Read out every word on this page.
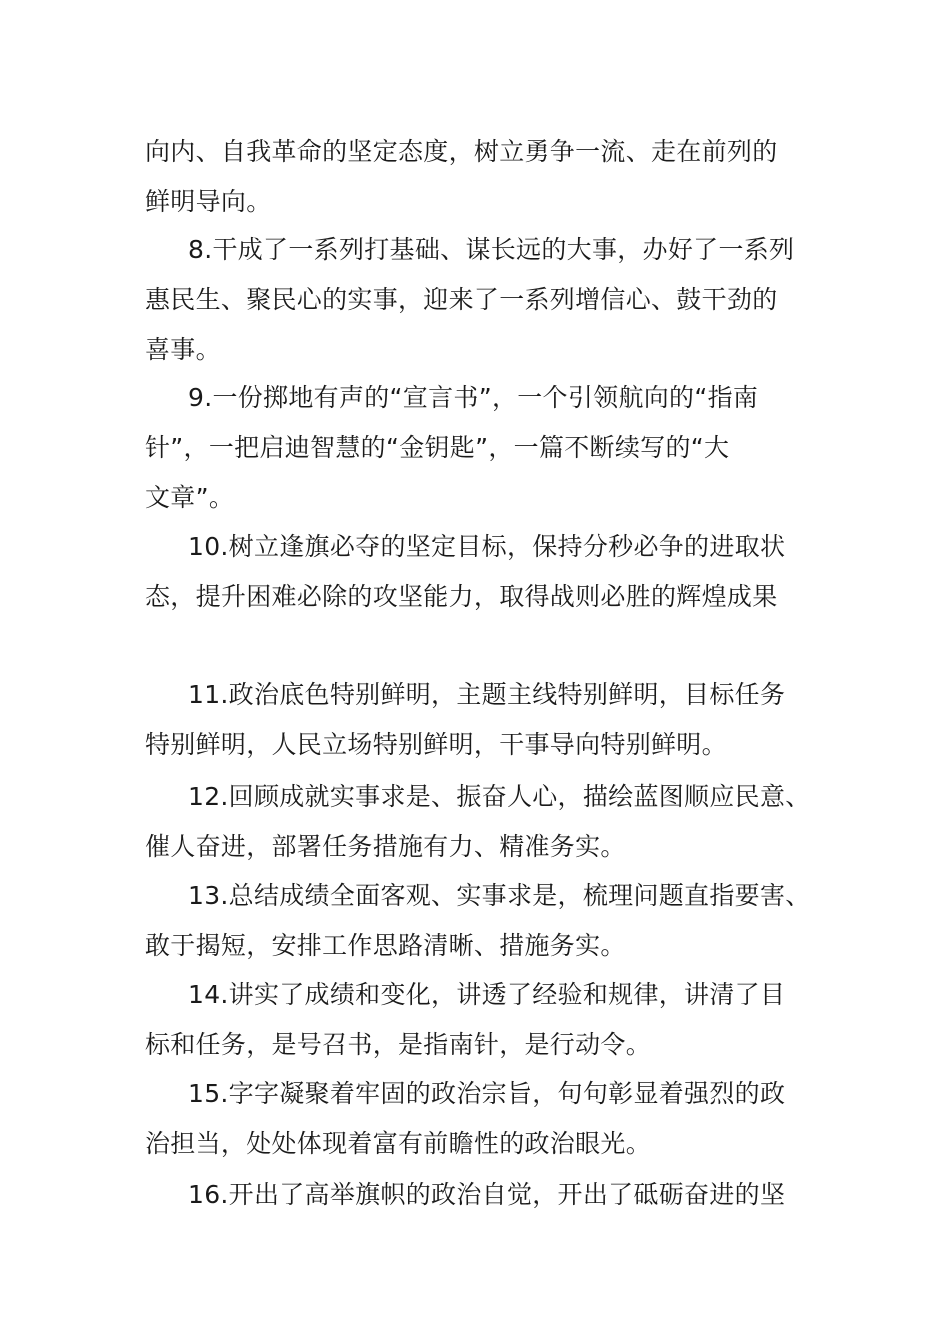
向内、自我革命的坚定态度，树立勇争一流、走在前列的
鲜明导向。
8.干成了一系列打基础、谋长远的大事，办好了一系列
惠民生、聚民心的实事，迎来了一系列增信心、鼓干劲的
喜事。
9.一份掷地有声的“宣言书”，一个引领航向的“指南
针”，一把启迪智慧的“金钥匙”，一篇不断续写的“大
文章”。
10.树立逢旗必夺的坚定目标，保持分秒必争的进取状
态，提升困难必除的攻坚能力，取得战则必胜的辉煌成果
11.政治底色特别鲜明，主题主线特别鲜明，目标任务
特别鲜明，人民立场特别鲜明，干事导向特别鲜明。
12.回顾成就实事求是、振奋人心，描绘蓝图顺应民意、
催人奋进，部署任务措施有力、精准务实。
13.总结成绩全面客观、实事求是，梳理问题直指要害、
敢于揭短，安排工作思路清晰、措施务实。
14.讲实了成绩和变化，讲透了经验和规律，讲清了目
标和任务，是号召书，是指南针，是行动令。
15.字字凝聚着牢固的政治宗旨，句句彰显着强烈的政
治担当，处处体现着富有前瞻性的政治眼光。
16.开出了高举旗帜的政治自觉，开出了砥砺奋进的坚
